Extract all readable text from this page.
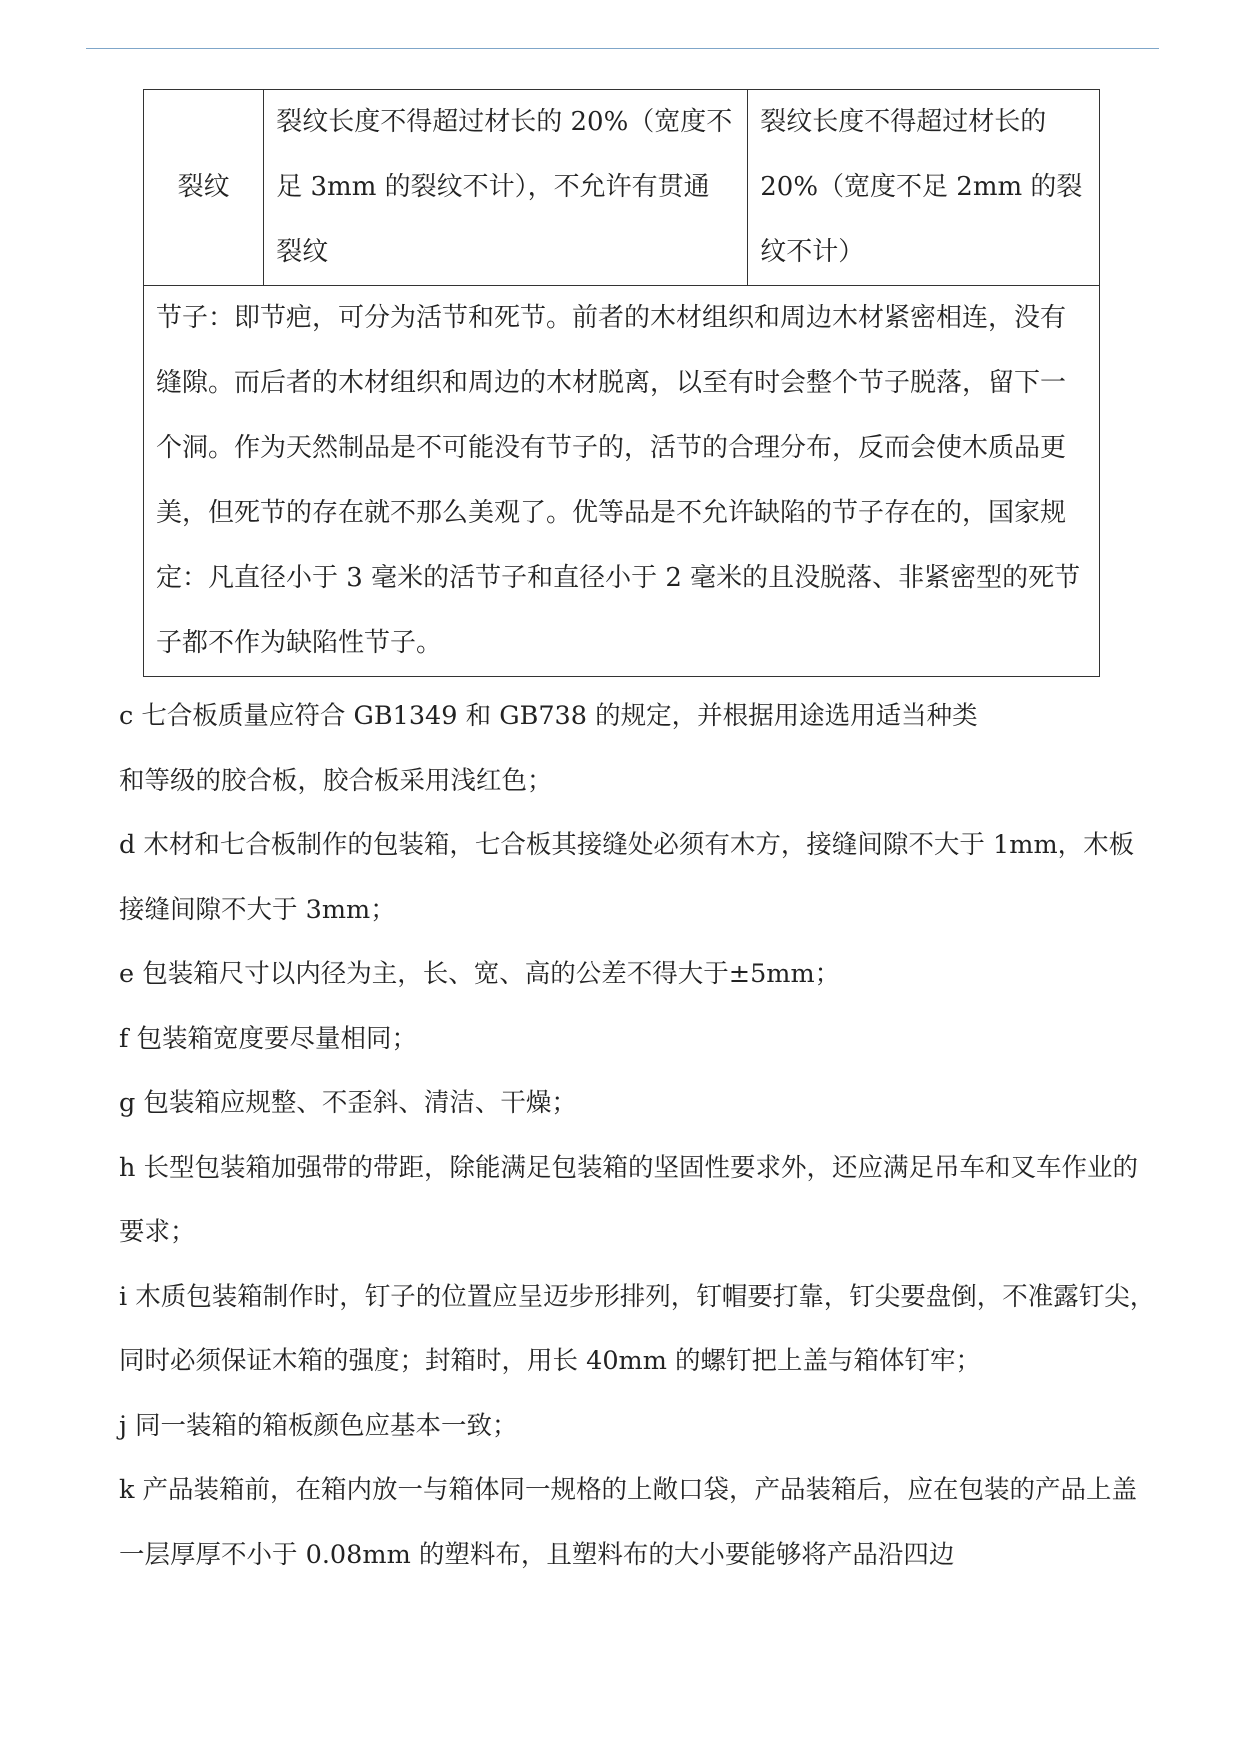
裂纹	裂纹长度不得超过材长的 20%（宽度不足 3mm 的裂纹不计），不允许有贯通裂纹	裂纹长度不得超过材长的 20%（宽度不足 2mm 的裂纹不计）
节子：即节疤，可分为活节和死节。前者的木材组织和周边木材紧密相连，没有缝隙。而后者的木材组织和周边的木材脱离，以至有时会整个节子脱落，留下一个洞。作为天然制品是不可能没有节子的，活节的合理分布，反而会使木质品更美，但死节的存在就不那么美观了。优等品是不允许缺陷的节子存在的，国家规定：凡直径小于 3 毫米的活节子和直径小于 2 毫米的且没脱落、非紧密型的死节子都不作为缺陷性节子。

c 七合板质量应符合 GB1349 和 GB738 的规定，并根据用途选用适当种类

和等级的胶合板，胶合板采用浅红色；

d 木材和七合板制作的包装箱，七合板其接缝处必须有木方，接缝间隙不大于 1mm，木板接缝间隙不大于 3mm；

e 包装箱尺寸以内径为主，长、宽、高的公差不得大于±5mm；

f 包装箱宽度要尽量相同；

g 包装箱应规整、不歪斜、清洁、干燥；

h 长型包装箱加强带的带距，除能满足包装箱的坚固性要求外，还应满足吊车和叉车作业的要求；

i 木质包装箱制作时，钉子的位置应呈迈步形排列，钉帽要打靠，钉尖要盘倒，不准露钉尖，同时必须保证木箱的强度；封箱时，用长 40mm 的螺钉把上盖与箱体钉牢；

j 同一装箱的箱板颜色应基本一致；

k 产品装箱前，在箱内放一与箱体同一规格的上敞口袋，产品装箱后，应在包装的产品上盖一层厚厚不小于 0.08mm 的塑料布，且塑料布的大小要能够将产品沿四边
